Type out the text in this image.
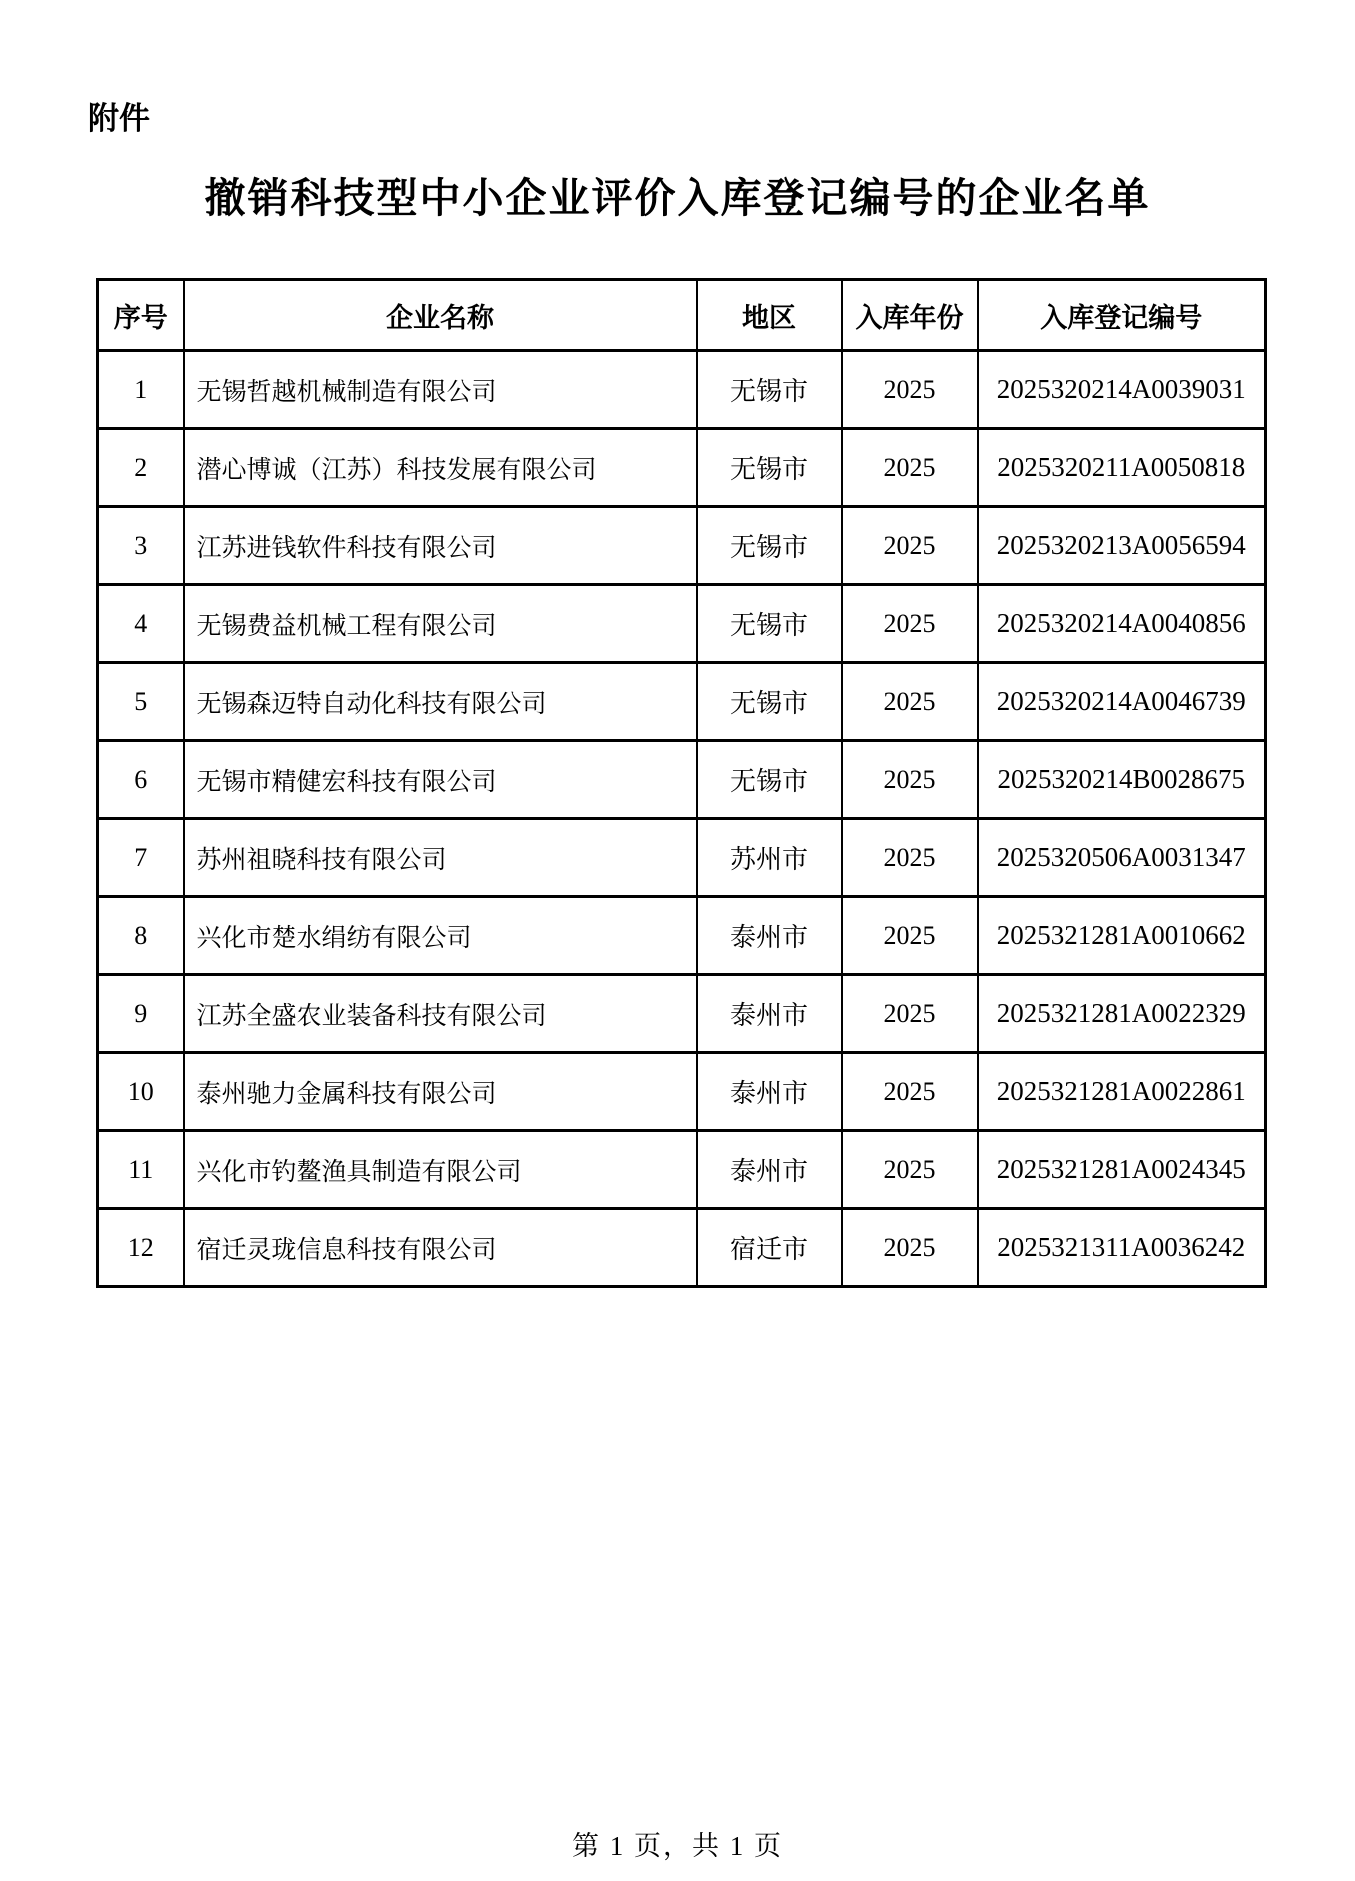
附件
撤销科技型中小企业评价入库登记编号的企业名单
序号	企业名称	地区	入库年份	入库登记编号
1	无锡哲越机械制造有限公司	无锡市	2025	2025320214A0039031
2	潜心博诚（江苏）科技发展有限公司	无锡市	2025	2025320211A0050818
3	江苏进钱软件科技有限公司	无锡市	2025	2025320213A0056594
4	无锡费益机械工程有限公司	无锡市	2025	2025320214A0040856
5	无锡森迈特自动化科技有限公司	无锡市	2025	2025320214A0046739
6	无锡市精健宏科技有限公司	无锡市	2025	2025320214B0028675
7	苏州祖晓科技有限公司	苏州市	2025	2025320506A0031347
8	兴化市楚水绢纺有限公司	泰州市	2025	2025321281A0010662
9	江苏全盛农业装备科技有限公司	泰州市	2025	2025321281A0022329
10	泰州驰力金属科技有限公司	泰州市	2025	2025321281A0022861
11	兴化市钓鳌渔具制造有限公司	泰州市	2025	2025321281A0024345
12	宿迁灵珑信息科技有限公司	宿迁市	2025	2025321311A0036242
第 1 页，共 1 页
